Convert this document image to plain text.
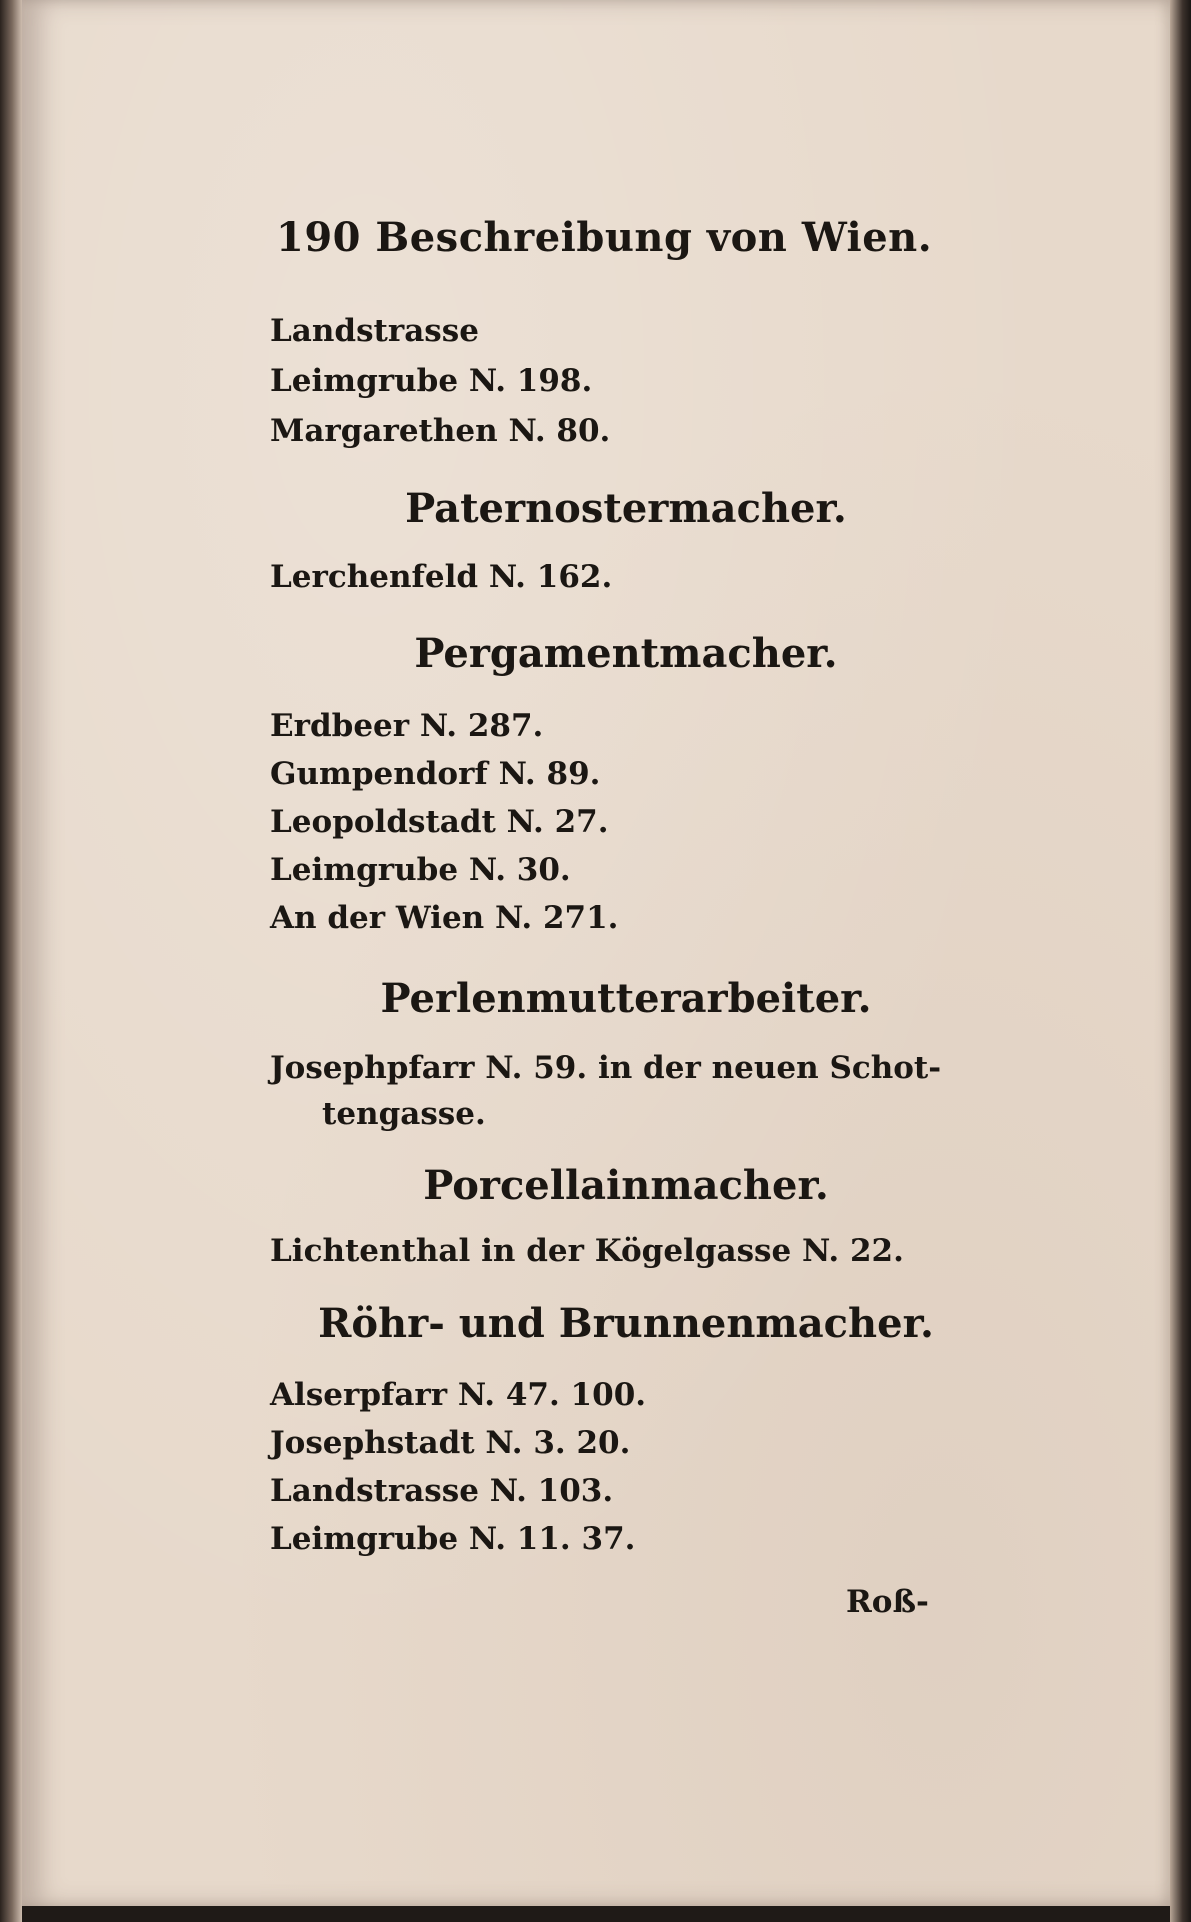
190 Beschreibung von Wien.
Landstrasse
Leimgrube N. 198.
Margarethen N. 80.
Paternostermacher.
Lerchenfeld N. 162.
Pergamentmacher.
Erdbeer N. 287.
Gumpendorf N. 89.
Leopoldstadt N. 27.
Leimgrube N. 30.
An der Wien N. 271.
Perlenmutterarbeiter.
Josephpfarr N. 59. in der neuen Schot-
tengasse.
Porcellainmacher.
Lichtenthal in der Kögelgasse N. 22.
Röhr- und Brunnenmacher.
Alserpfarr N. 47. 100.
Josephstadt N. 3. 20.
Landstrasse N. 103.
Leimgrube N. 11. 37.
Roß-
